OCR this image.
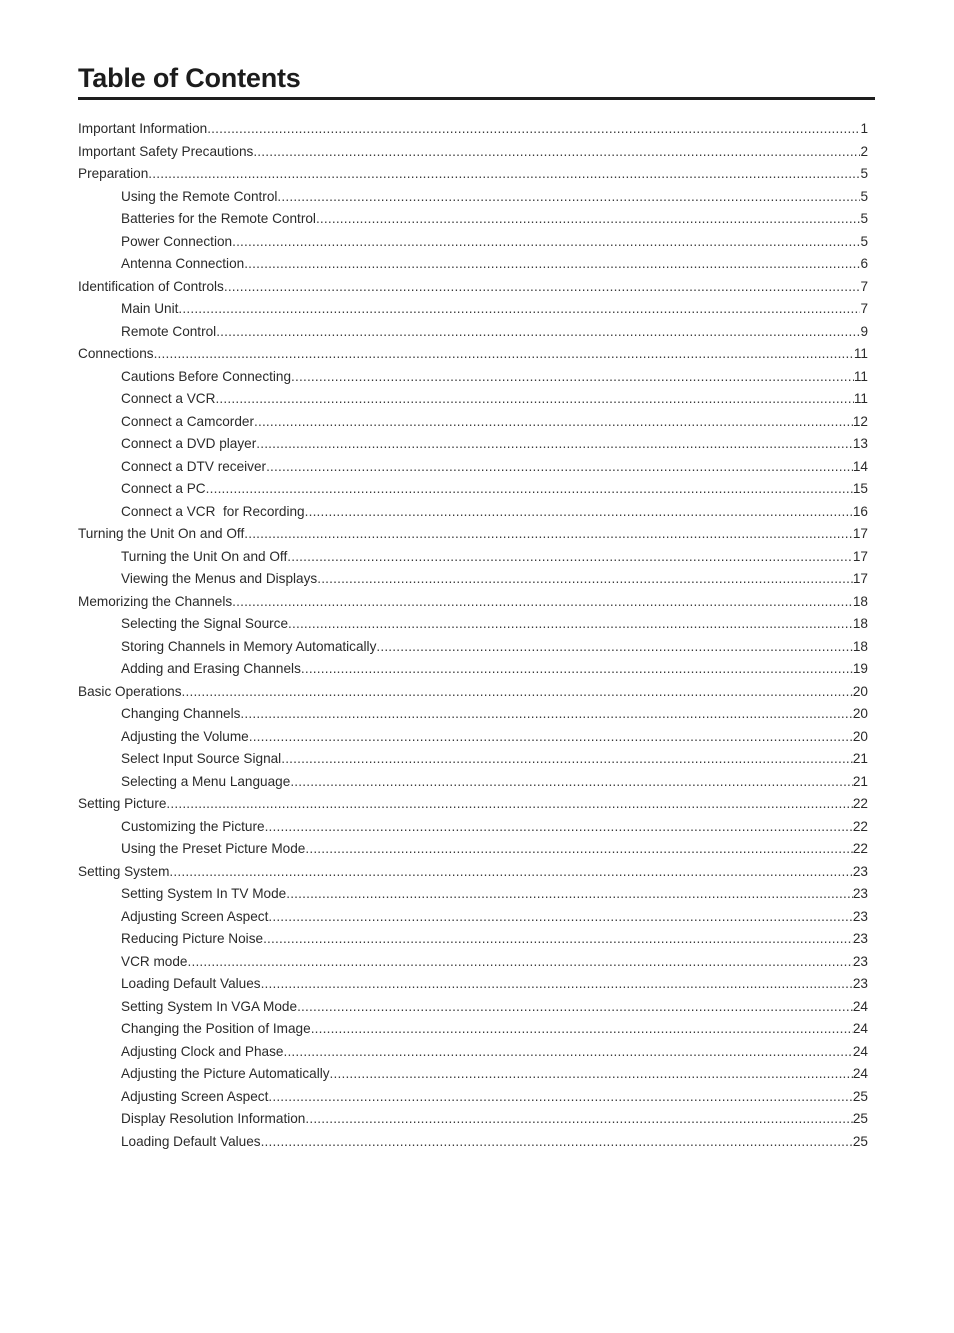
Table of Contents
Important Information .....	1
Important Safety Precautions .....	2
Preparation .....	5
Using the Remote Control .....	5
Batteries for the Remote Control .....	5
Power Connection .....	5
Antenna Connection .....	6
Identification of Controls .....	7
Main Unit .....	7
Remote Control .....	9
Connections .....	11
Cautions Before Connecting .....	11
Connect a VCR .....	11
Connect a Camcorder .....	12
Connect a DVD player .....	13
Connect a DTV receiver .....	14
Connect a PC .....	15
Connect a VCR  for Recording .....	16
Turning the Unit On and Off .....	17
Turning the Unit On and Off .....	17
Viewing the Menus and Displays .....	17
Memorizing the Channels .....	18
Selecting the Signal Source .....	18
Storing Channels in Memory Automatically .....	18
Adding and Erasing Channels .....	19
Basic Operations .....	20
Changing Channels .....	20
Adjusting the Volume .....	20
Select Input Source Signal .....	21
Selecting a Menu Language .....	21
Setting Picture .....	22
Customizing the Picture .....	22
Using the Preset Picture Mode .....	22
Setting System .....	23
Setting System In TV Mode .....	23
Adjusting Screen Aspect .....	23
Reducing Picture Noise .....	23
VCR mode .....	23
Loading Default Values .....	23
Setting System In VGA Mode .....	24
Changing the Position of Image .....	24
Adjusting Clock and Phase .....	24
Adjusting the Picture Automatically .....	24
Adjusting Screen Aspect .....	25
Display Resolution Information .....	25
Loading Default Values .....	25
